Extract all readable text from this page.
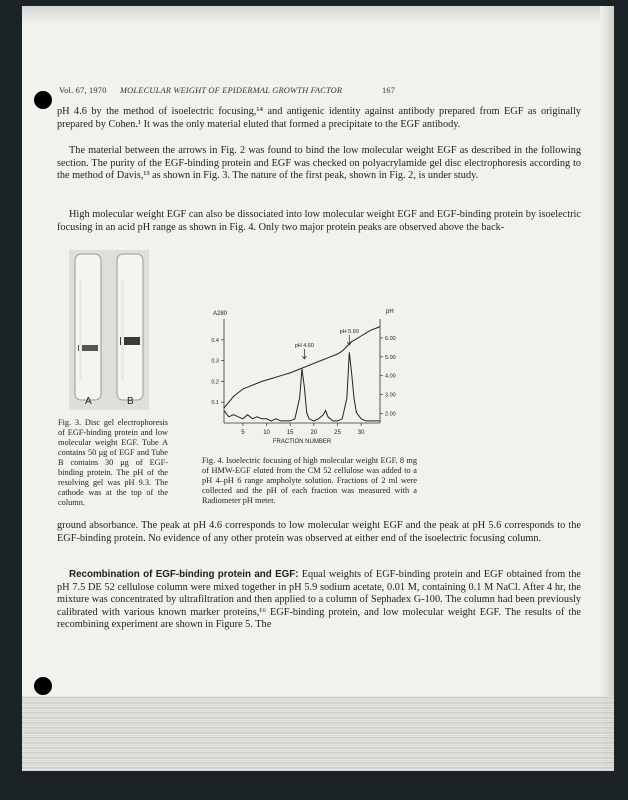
Vol. 67, 1970 MOLECULAR WEIGHT OF EPIDERMAL GROWTH FACTOR	167

pH 4.6 by the method of isoelectric focusing,¹⁴ and antigenic identity against antibody prepared from EGF as originally prepared by Cohen.¹ It was the only material eluted that formed a precipitate to the EGF antibody.

The material between the arrows in Fig. 2 was found to bind the low molecular weight EGF as described in the following section. The purity of the EGF-binding protein and EGF was checked on polyacrylamide gel disc electrophoresis according to the method of Davis,¹³ as shown in Fig. 3. The nature of the first peak, shown in Fig. 2, is under study.

High molecular weight EGF can also be dissociated into low molecular weight EGF and EGF-binding protein by isoelectric focusing in an acid pH range as shown in Fig. 4. Only two major protein peaks are observed above the back-

A	B

Fig. 3. Disc gel electrophoresis of EGF-binding protein and low molecular weight EGF. Tube A contains 50 μg of EGF and Tube B contains 30 μg of EGF-binding protein. The pH of the resolving gel was pH 9.3. The cathode was at the top of the column.

5	10	15	20	25	30
FRACTION NUMBER
0.1
0.2
0.3
0.4
A280
2.00
3.00
4.00
5.00
6.00
pH
pH 4.60
pH 5.60

Fig. 4. Isoelectric focusing of high molecular weight EGF. 8 mg of HMW-EGF eluted from the CM 52 cellulose was added to a pH 4–pH 6 range ampholyte solution. Fractions of 2 ml were collected and the pH of each fraction was measured with a Radiometer pH meter.

ground absorbance. The peak at pH 4.6 corresponds to low molecular weight EGF and the peak at pH 5.6 corresponds to the EGF-binding protein. No evidence of any other protein was observed at either end of the isoelectric focusing column.

Recombination of EGF-binding protein and EGF: Equal weights of EGF-binding protein and EGF obtained from the pH 7.5 DE 52 cellulose column were mixed together in pH 5.9 sodium acetate, 0.01 M, containing 0.1 M NaCl. After 4 hr, the mixture was concentrated by ultrafiltration and then applied to a column of Sephadex G-100. The column had been previously calibrated with various known marker proteins,¹⁶ EGF-binding protein, and low molecular weight EGF. The results of the recombining experiment are shown in Figure 5. The
